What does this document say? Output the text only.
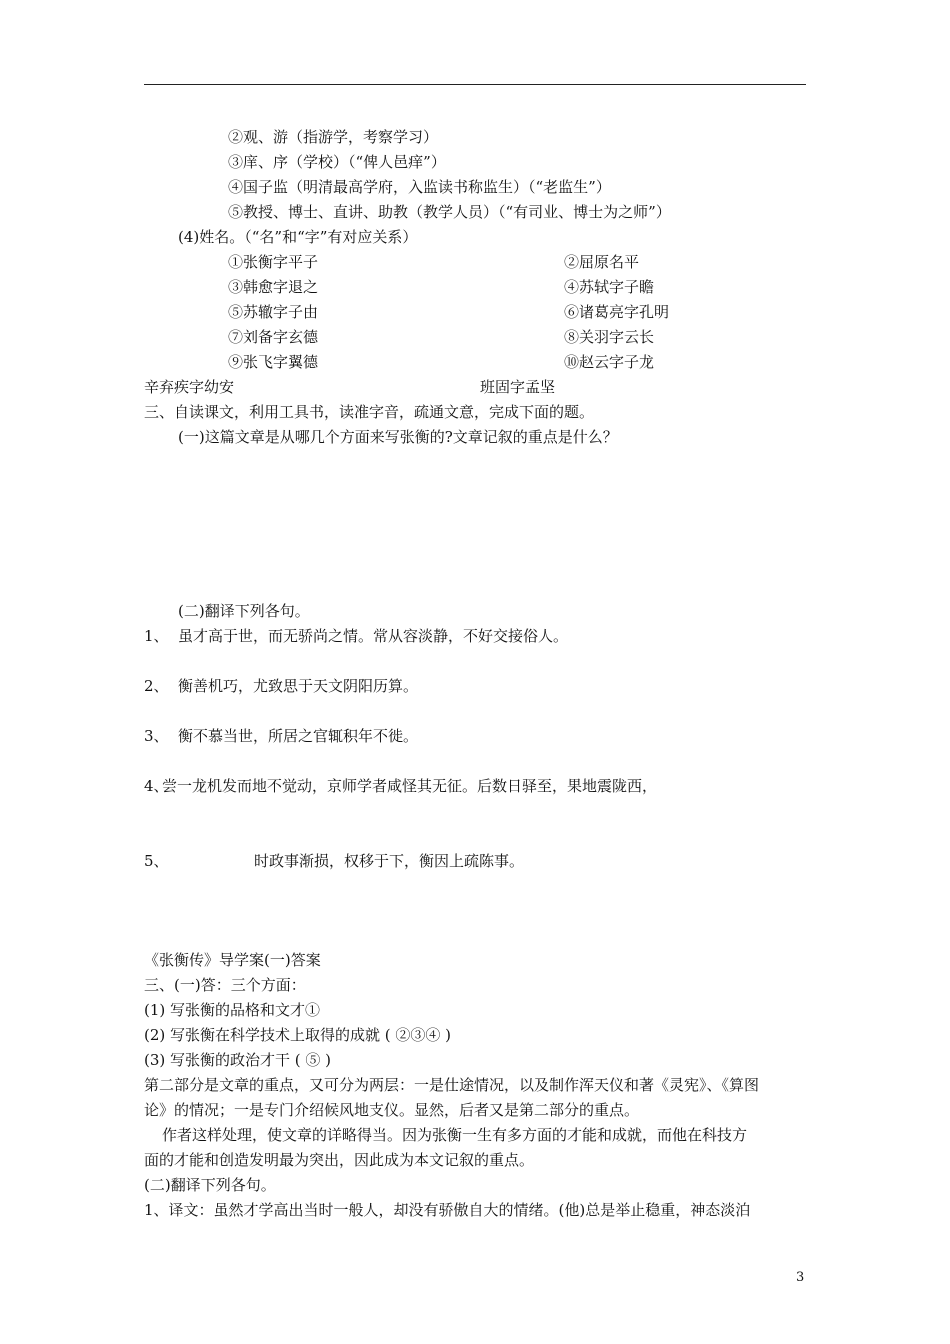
②观、游（指游学，考察学习）
③庠、序（学校）（“俾人邑痒”）
④国子监（明清最高学府，入监读书称监生）（“老监生”）
⑤教授、博士、直讲、助教（教学人员）（“有司业、博士为之师”）
(4)姓名。（“名”和“字”有对应关系）
①张衡字平子	②屈原名平
③韩愈字退之	④苏轼字子瞻
⑤苏辙字子由	⑥诸葛亮字孔明
⑦刘备字玄德	⑧关羽字云长
⑨张飞字翼德	⑩赵云字子龙
辛弃疾字幼安	班固字孟坚
三、自读课文，利用工具书，读准字音，疏通文意，完成下面的题。
(一)这篇文章是从哪几个方面来写张衡的?文章记叙的重点是什么？
(二)翻译下列各句。
1、 虽才高于世，而无骄尚之情。常从容淡静，不好交接俗人。
2、 衡善机巧，尤致思于天文阴阳历算。
3、 衡不慕当世，所居之官辄积年不徙。
4、
尝一龙机发而地不觉动，京师学者咸怪其无征。后数日驿至，果地震陇西，
5、	时政事渐损，权移于下，衡因上疏陈事。
《张衡传》导学案(一)答案
三、(一)答：三个方面：
(1) 写张衡的品格和文才①
(2) 写张衡在科学技术上取得的成就 ( ②③④ )
(3) 写张衡的政治才干 ( ⑤ )
第二部分是文章的重点，又可分为两层：一是仕途情况，以及制作浑天仪和著《灵宪》、《算图
论》的情况；一是专门介绍候风地支仪。显然，后者又是第二部分的重点。
作者这样处理，使文章的详略得当。因为张衡一生有多方面的才能和成就，而他在科技方
面的才能和创造发明最为突出，因此成为本文记叙的重点。
(二)翻译下列各句。
1、译文：虽然才学高出当时一般人，却没有骄傲自大的情绪。(他)总是举止稳重，神态淡泊
3
